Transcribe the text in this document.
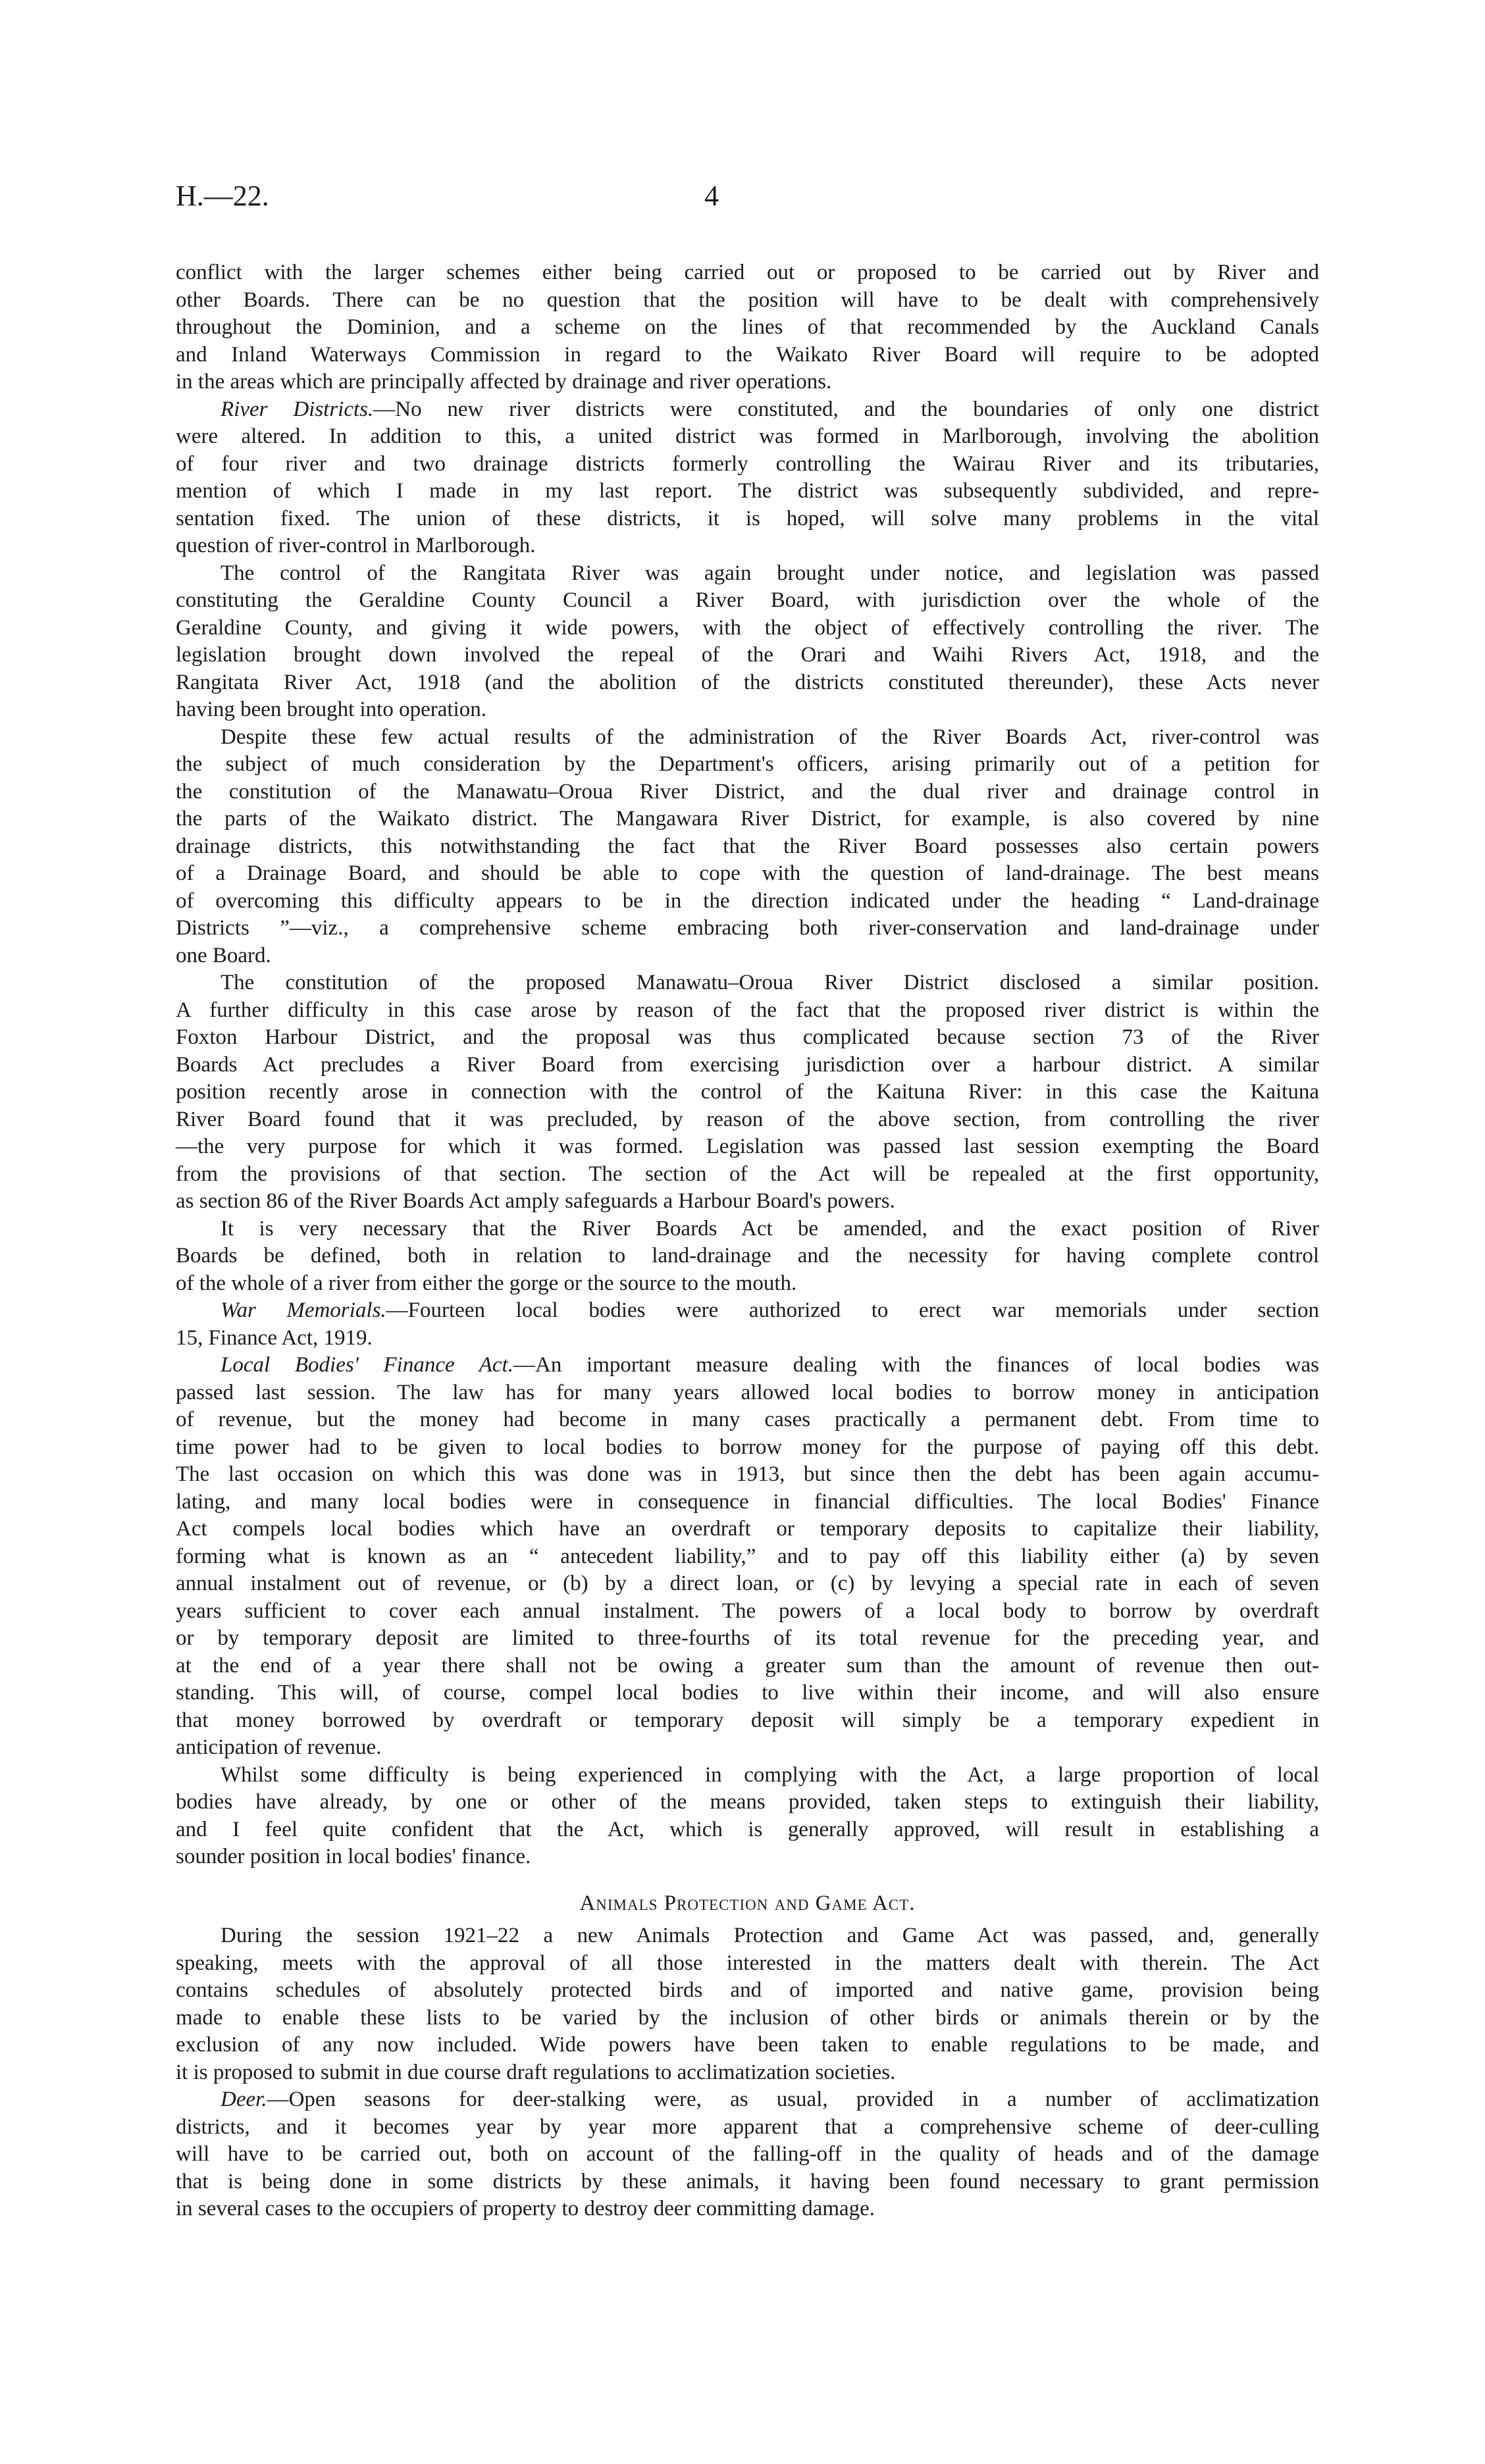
H.—22.	4
conflict with the larger schemes either being carried out or proposed to be carried out by River and
other Boards. There can be no question that the position will have to be dealt with comprehensively
throughout the Dominion, and a scheme on the lines of that recommended by the Auckland Canals
and Inland Waterways Commission in regard to the Waikato River Board will require to be adopted
in the areas which are principally affected by drainage and river operations.
River Districts.—No new river districts were constituted, and the boundaries of only one district
were altered. In addition to this, a united district was formed in Marlborough, involving the abolition
of four river and two drainage districts formerly controlling the Wairau River and its tributaries,
mention of which I made in my last report. The district was subsequently subdivided, and repre-
sentation fixed. The union of these districts, it is hoped, will solve many problems in the vital
question of river-control in Marlborough.
The control of the Rangitata River was again brought under notice, and legislation was passed
constituting the Geraldine County Council a River Board, with jurisdiction over the whole of the
Geraldine County, and giving it wide powers, with the object of effectively controlling the river. The
legislation brought down involved the repeal of the Orari and Waihi Rivers Act, 1918, and the
Rangitata River Act, 1918 (and the abolition of the districts constituted thereunder), these Acts never
having been brought into operation.
Despite these few actual results of the administration of the River Boards Act, river-control was
the subject of much consideration by the Department's officers, arising primarily out of a petition for
the constitution of the Manawatu–Oroua River District, and the dual river and drainage control in
the parts of the Waikato district. The Mangawara River District, for example, is also covered by nine
drainage districts, this notwithstanding the fact that the River Board possesses also certain powers
of a Drainage Board, and should be able to cope with the question of land-drainage. The best means
of overcoming this difficulty appears to be in the direction indicated under the heading “ Land-drainage
Districts ”—viz., a comprehensive scheme embracing both river-conservation and land-drainage under
one Board.
The constitution of the proposed Manawatu–Oroua River District disclosed a similar position.
A further difficulty in this case arose by reason of the fact that the proposed river district is within the
Foxton Harbour District, and the proposal was thus complicated because section 73 of the River
Boards Act precludes a River Board from exercising jurisdiction over a harbour district. A similar
position recently arose in connection with the control of the Kaituna River: in this case the Kaituna
River Board found that it was precluded, by reason of the above section, from controlling the river
—the very purpose for which it was formed. Legislation was passed last session exempting the Board
from the provisions of that section. The section of the Act will be repealed at the first opportunity,
as section 86 of the River Boards Act amply safeguards a Harbour Board's powers.
It is very necessary that the River Boards Act be amended, and the exact position of River
Boards be defined, both in relation to land-drainage and the necessity for having complete control
of the whole of a river from either the gorge or the source to the mouth.
War Memorials.—Fourteen local bodies were authorized to erect war memorials under section
15, Finance Act, 1919.
Local Bodies' Finance Act.—An important measure dealing with the finances of local bodies was
passed last session. The law has for many years allowed local bodies to borrow money in anticipation
of revenue, but the money had become in many cases practically a permanent debt. From time to
time power had to be given to local bodies to borrow money for the purpose of paying off this debt.
The last occasion on which this was done was in 1913, but since then the debt has been again accumu-
lating, and many local bodies were in consequence in financial difficulties. The local Bodies' Finance
Act compels local bodies which have an overdraft or temporary deposits to capitalize their liability,
forming what is known as an “ antecedent liability,” and to pay off this liability either (a) by seven
annual instalment out of revenue, or (b) by a direct loan, or (c) by levying a special rate in each of seven
years sufficient to cover each annual instalment. The powers of a local body to borrow by overdraft
or by temporary deposit are limited to three-fourths of its total revenue for the preceding year, and
at the end of a year there shall not be owing a greater sum than the amount of revenue then out-
standing. This will, of course, compel local bodies to live within their income, and will also ensure
that money borrowed by overdraft or temporary deposit will simply be a temporary expedient in
anticipation of revenue.
Whilst some difficulty is being experienced in complying with the Act, a large proportion of local
bodies have already, by one or other of the means provided, taken steps to extinguish their liability,
and I feel quite confident that the Act, which is generally approved, will result in establishing a
sounder position in local bodies' finance.
Animals Protection and Game Act.
During the session 1921–22 a new Animals Protection and Game Act was passed, and, generally
speaking, meets with the approval of all those interested in the matters dealt with therein. The Act
contains schedules of absolutely protected birds and of imported and native game, provision being
made to enable these lists to be varied by the inclusion of other birds or animals therein or by the
exclusion of any now included. Wide powers have been taken to enable regulations to be made, and
it is proposed to submit in due course draft regulations to acclimatization societies.
Deer.—Open seasons for deer-stalking were, as usual, provided in a number of acclimatization
districts, and it becomes year by year more apparent that a comprehensive scheme of deer-culling
will have to be carried out, both on account of the falling-off in the quality of heads and of the damage
that is being done in some districts by these animals, it having been found necessary to grant permission
in several cases to the occupiers of property to destroy deer committing damage.
